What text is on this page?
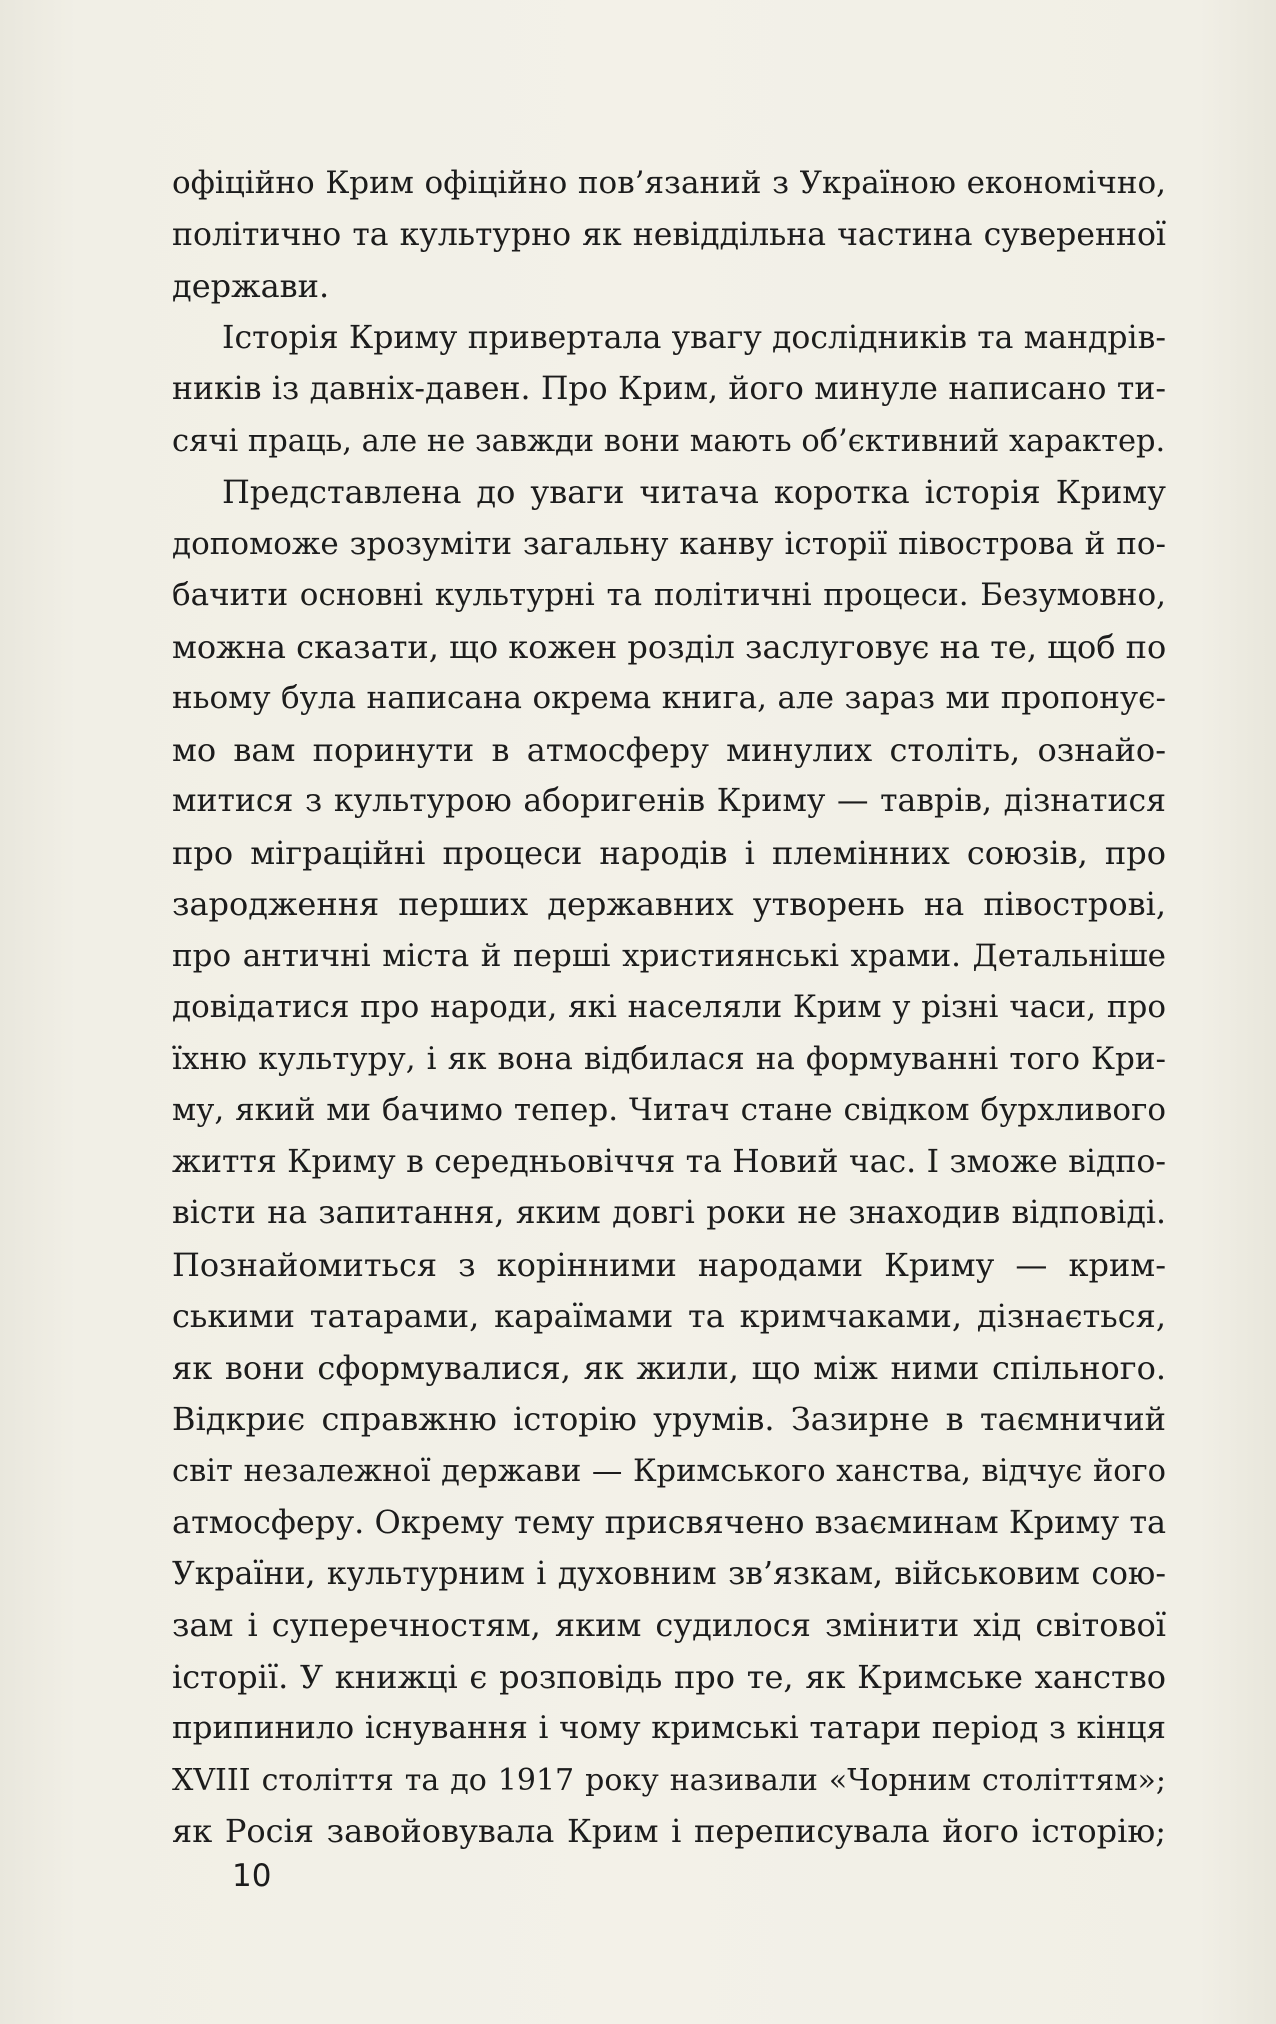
офіційно Крим офіційно пов’язаний з Україною економічно,
політично та культурно як невіддільна частина суверенної
держави.
Історія Криму привертала увагу дослідників та мандрів-
ників із давніх-давен. Про Крим, його минуле написано ти-
сячі праць, але не завжди вони мають об’єктивний характер.
Представлена до уваги читача коротка історія Криму
допоможе зрозуміти загальну канву історії півострова й по-
бачити основні культурні та політичні процеси. Безумовно,
можна сказати, що кожен розділ заслуговує на те, щоб по
ньому була написана окрема книга, але зараз ми пропонує-
мо вам поринути в атмосферу минулих століть, ознайо-
митися з культурою аборигенів Криму — таврів, дізнатися
про міграційні процеси народів і племінних союзів, про
зародження перших державних утворень на півострові,
про античні міста й перші християнські храми. Детальніше
довідатися про народи, які населяли Крим у різні часи, про
їхню культуру, і як вона відбилася на формуванні того Кри-
му, який ми бачимо тепер. Читач стане свідком бурхливого
життя Криму в середньовіччя та Новий час. І зможе відпо-
вісти на запитання, яким довгі роки не знаходив відповіді.
Познайомиться з корінними народами Криму — крим-
ськими татарами, караїмами та кримчаками, дізнається,
як вони сформувалися, як жили, що між ними спільного.
Відкриє справжню історію урумів. Зазирне в таємничий
світ незалежної держави — Кримського ханства, відчує його
атмосферу. Окрему тему присвячено взаєминам Криму та
України, культурним і духовним зв’язкам, військовим сою-
зам і суперечностям, яким судилося змінити хід світової
історії. У книжці є розповідь про те, як Кримське ханство
припинило існування і чому кримські татари період з кінця
XVIII століття та до 1917 року називали «Чорним століттям»;
як Росія завойовувала Крим і переписувала його історію;
10
